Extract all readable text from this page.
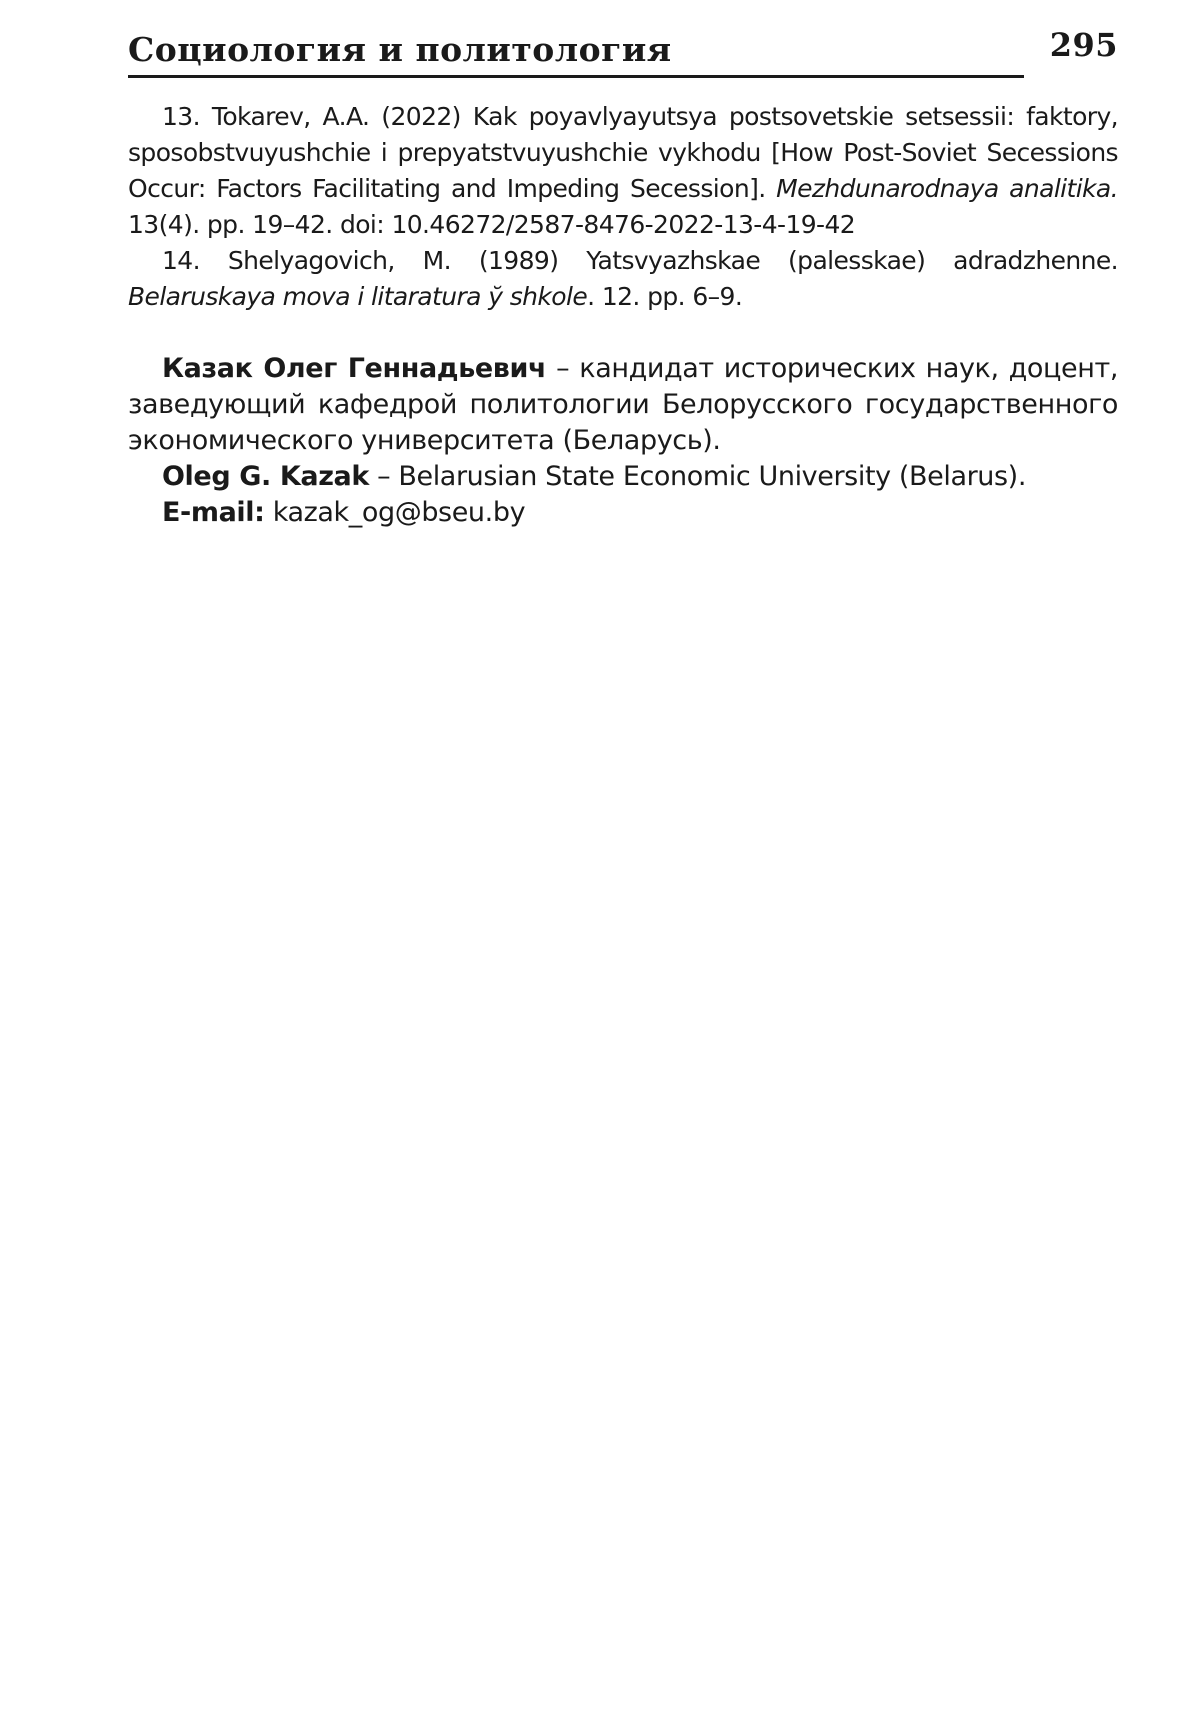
Социология и политология	295

13. Tokarev, A.A. (2022) Kak poyavlyayutsya postsovetskie setsessii: faktory, sposobstvuyushchie i prepyatstvuyushchie vykhodu [How Post-Soviet Secessions Occur: Factors Facilitating and Impeding Secession]. Mezhdunarodnaya analitika. 13(4). pp. 19–42. doi: 10.46272/2587-8476-2022-13-4-19-42

14. Shelyagovich, M. (1989) Yatsvyazhskae (palesskae) adradzhenne. Belaruskaya mova i litaratura ў shkole. 12. pp. 6–9.

Казак Олег Геннадьевич – кандидат исторических наук, доцент, заведующий кафедрой политологии Белорусского государственного экономического университета (Беларусь).

Oleg G. Kazak – Belarusian State Economic University (Belarus).

E-mail: kazak_og@bseu.by
